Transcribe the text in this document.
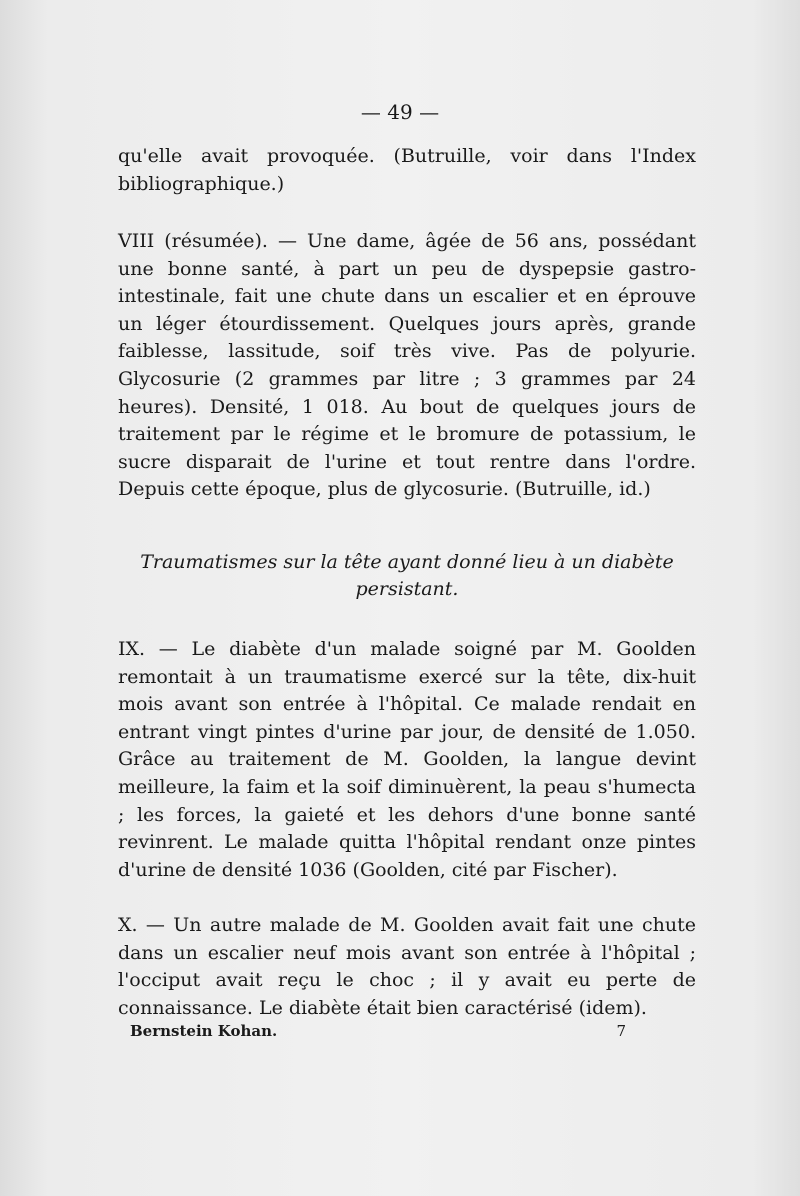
— 49 —

qu'elle avait provoquée. (Butruille, voir dans l'Index bibliographique.)

VIII (résumée). — Une dame, âgée de 56 ans, possédant une bonne santé, à part un peu de dyspepsie gastro-intestinale, fait une chute dans un escalier et en éprouve un léger étourdissement. Quelques jours après, grande faiblesse, lassitude, soif très vive. Pas de polyurie. Glycosurie (2 grammes par litre ; 3 grammes par 24 heures). Densité, 1 018. Au bout de quelques jours de traitement par le régime et le bromure de potassium, le sucre disparait de l'urine et tout rentre dans l'ordre. Depuis cette époque, plus de glycosurie. (Butruille, id.)

Traumatismes sur la tête ayant donné lieu à un diabète persistant.

IX. — Le diabète d'un malade soigné par M. Goolden remontait à un traumatisme exercé sur la tête, dix-huit mois avant son entrée à l'hôpital. Ce malade rendait en entrant vingt pintes d'urine par jour, de densité de 1.050. Grâce au traitement de M. Goolden, la langue devint meilleure, la faim et la soif diminuèrent, la peau s'humecta ; les forces, la gaieté et les dehors d'une bonne santé revinrent. Le malade quitta l'hôpital rendant onze pintes d'urine de densité 1036 (Goolden, cité par Fischer).

X. — Un autre malade de M. Goolden avait fait une chute dans un escalier neuf mois avant son entrée à l'hôpital ; l'occiput avait reçu le choc ; il y avait eu perte de connaissance. Le diabète était bien caractérisé (idem).

Bernstein Kohan.	7
